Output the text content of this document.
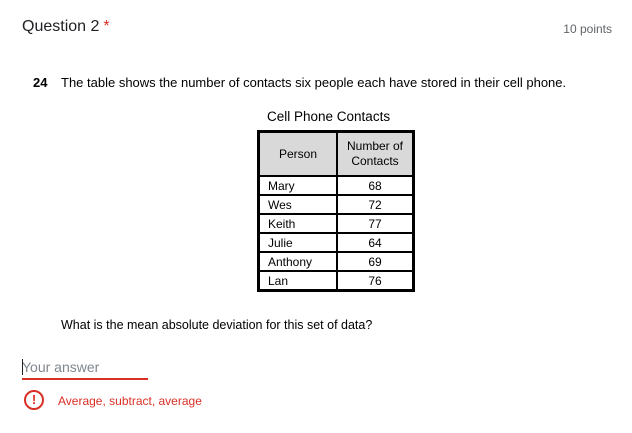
Question 2 *	10 points
24 The table shows the number of contacts six people each have stored in their cell phone.
Cell Phone Contacts
Person	Number of Contacts
Mary	68
Wes	72
Keith	77
Julie	64
Anthony	69
Lan	76
What is the mean absolute deviation for this set of data?
Your answer
!	Average, subtract, average
